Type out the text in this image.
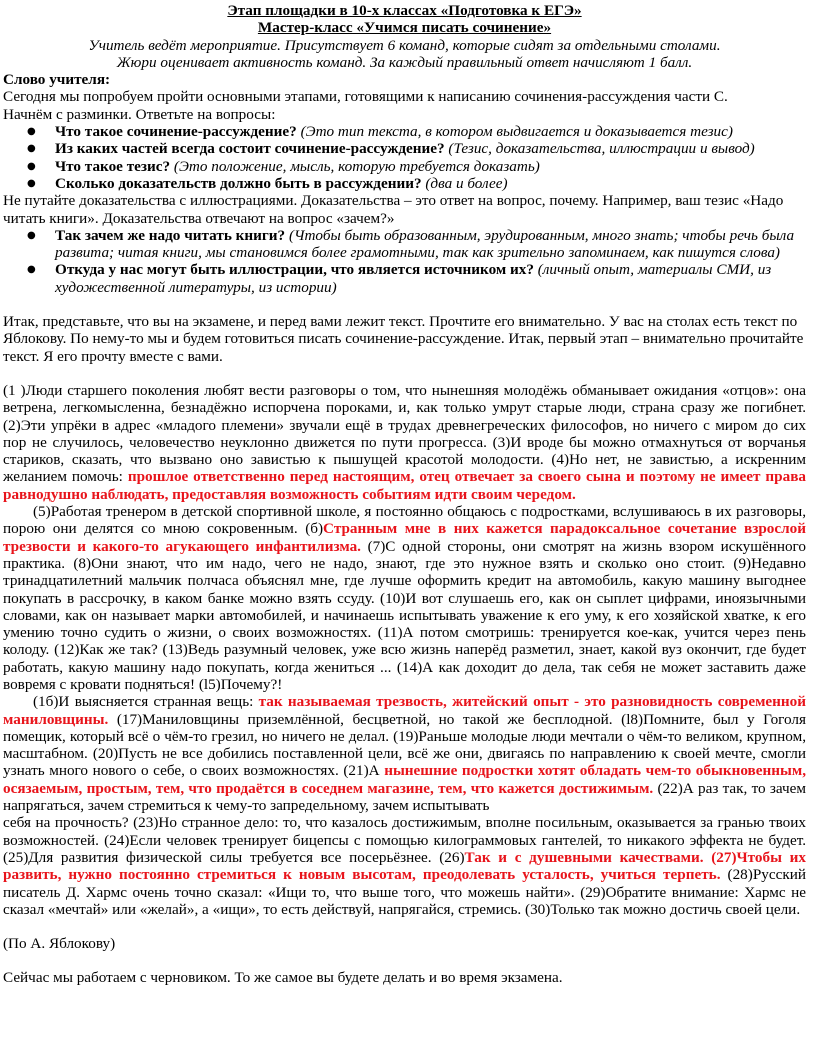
Этап площадки в 10-х классах «Подготовка к ЕГЭ»

Мастер-класс «Учимся писать сочинение»

Учитель ведёт мероприятие. Присутствует 6 команд, которые сидят за отдельными столами.

Жюри оценивает активность команд. За каждый правильный ответ начисляют 1 балл.

Слово учителя:

Сегодня мы попробуем пройти основными этапами, готовящими к написанию сочинения-рассуждения части С.

Начнём с разминки. Ответьте на вопросы:

● Что такое сочинение-рассуждение? (Это тип текста, в котором выдвигается и доказывается тезис)
● Из каких частей всегда состоит сочинение-рассуждение? (Тезис, доказательства, иллюстрации и вывод)
● Что такое тезис? (Это положение, мысль, которую требуется доказать)
● Сколько доказательств должно быть в рассуждении? (два и более)

Не путайте доказательства с иллюстрациями. Доказательства – это ответ на вопрос, почему. Например, ваш тезис «Надо читать книги». Доказательства отвечают на вопрос «зачем?»

● Так зачем же надо читать книги? (Чтобы быть образованным, эрудированным, много знать; чтобы речь была развита; читая книги, мы становимся более грамотными, так как зрительно запоминаем, как пишутся слова)
● Откуда у нас могут быть иллюстрации, что является источником их? (личный опыт, материалы СМИ, из художественной литературы, из истории)

Итак, представьте, что вы на экзамене, и перед вами лежит текст. Прочтите его внимательно. У вас на столах есть текст по Яблокову. По нему-то мы и будем готовиться писать сочинение-рассуждение. Итак, первый этап – внимательно прочитайте текст. Я его прочту вместе с вами.

(1 )Люди старшего поколения любят вести разговоры о том, что нынешняя молодёжь обманывает ожидания «отцов»: она ветрена, легкомысленна, безнадёжно испорчена пороками, и, как только умрут старые люди, страна сразу же погибнет. (2)Эти упрёки в адрес «младого племени» звучали ещё в трудах древнегреческих философов, но ничего с миром до сих пор не случилось, человечество неуклонно движется по пути прогресса. (3)И вроде бы можно отмахнуться от ворчанья стариков, сказать, что вызвано оно завистью к пышущей красотой молодости. (4)Но нет, не завистью, а искренним желанием помочь: прошлое ответственно перед настоящим, отец отвечает за своего сына и поэтому не имеет права равнодушно наблюдать, предоставляя возможность событиям идти своим чередом.

(5)Работая тренером в детской спортивной школе, я постоянно общаюсь с подростками, вслушиваюсь в их разговоры, порою они делятся со мною сокровенным. (б)Странным мне в них кажется парадоксальное сочетание взрослой трезвости и какого-то агукающего инфантилизма. (7)С одной стороны, они смотрят на жизнь взором искушённого практика. (8)Они знают, что им надо, чего не надо, знают, где это нужное взять и сколько оно стоит. (9)Недавно тринадцатилетний мальчик полчаса объяснял мне, где лучше оформить кредит на автомобиль, какую машину выгоднее покупать в рассрочку, в каком банке можно взять ссуду. (10)И вот слушаешь его, как он сыплет цифрами, иноязычными словами, как он называет марки автомобилей, и начинаешь испытывать уважение к его уму, к его хозяйской хватке, к его умению точно судить о жизни, о своих возможностях. (11)А потом смотришь: тренируется кое-как, учится через пень колоду. (12)Как же так? (13)Ведь разумный человек, уже всю жизнь наперёд разметил, знает, какой вуз окончит, где будет работать, какую машину надо покупать, когда жениться ... (14)А как доходит до дела, так себя не может заставить даже вовремя с кровати подняться! (l5)Почему?!

(1б)И выясняется странная вещь: так называемая трезвость, житейский опыт - это разновидность современной маниловщины. (17)Маниловщины приземлённой, бесцветной, но такой же бесплодной. (l8)Помните, был у Гоголя помещик, который всё о чём-то грезил, но ничего не делал. (19)Раньше молодые люди мечтали о чём-то великом, крупном, масштабном. (20)Пусть не все добились поставленной цели, всё же они, двигаясь по направлению к своей мечте, смогли узнать много нового о себе, о своих возможностях. (21)А нынешние подростки хотят обладать чем-то обыкновенным, осязаемым, простым, тем, что продаётся в соседнем магазине, тем, что кажется достижимым. (22)А раз так, то зачем напрягаться, зачем стремиться к чему-то запредельному, зачем испытывать

себя на прочность? (23)Но странное дело: то, что казалось достижимым, вполне посильным, оказывается за гранью твоих возможностей. (24)Если человек тренирует бицепсы с помощью килограммовых гантелей, то никакого эффекта не будет. (25)Для развития физической силы требуется все посерьёзнее. (26)Так и с душевными качествами. (27)Чтобы их развить, нужно постоянно стремиться к новым высотам, преодолевать усталость, учиться терпеть. (28)Русский писатель Д. Хармс очень точно сказал: «Ищи то, что выше того, что можешь найти». (29)Обратите внимание: Хармс не сказал «мечтай» или «желай», а «ищи», то есть действуй, напрягайся, стремись. (30)Только так можно достичь своей цели.

(По А. Яблокову)

Сейчас мы работаем с черновиком. То же самое вы будете делать и во время экзамена.
